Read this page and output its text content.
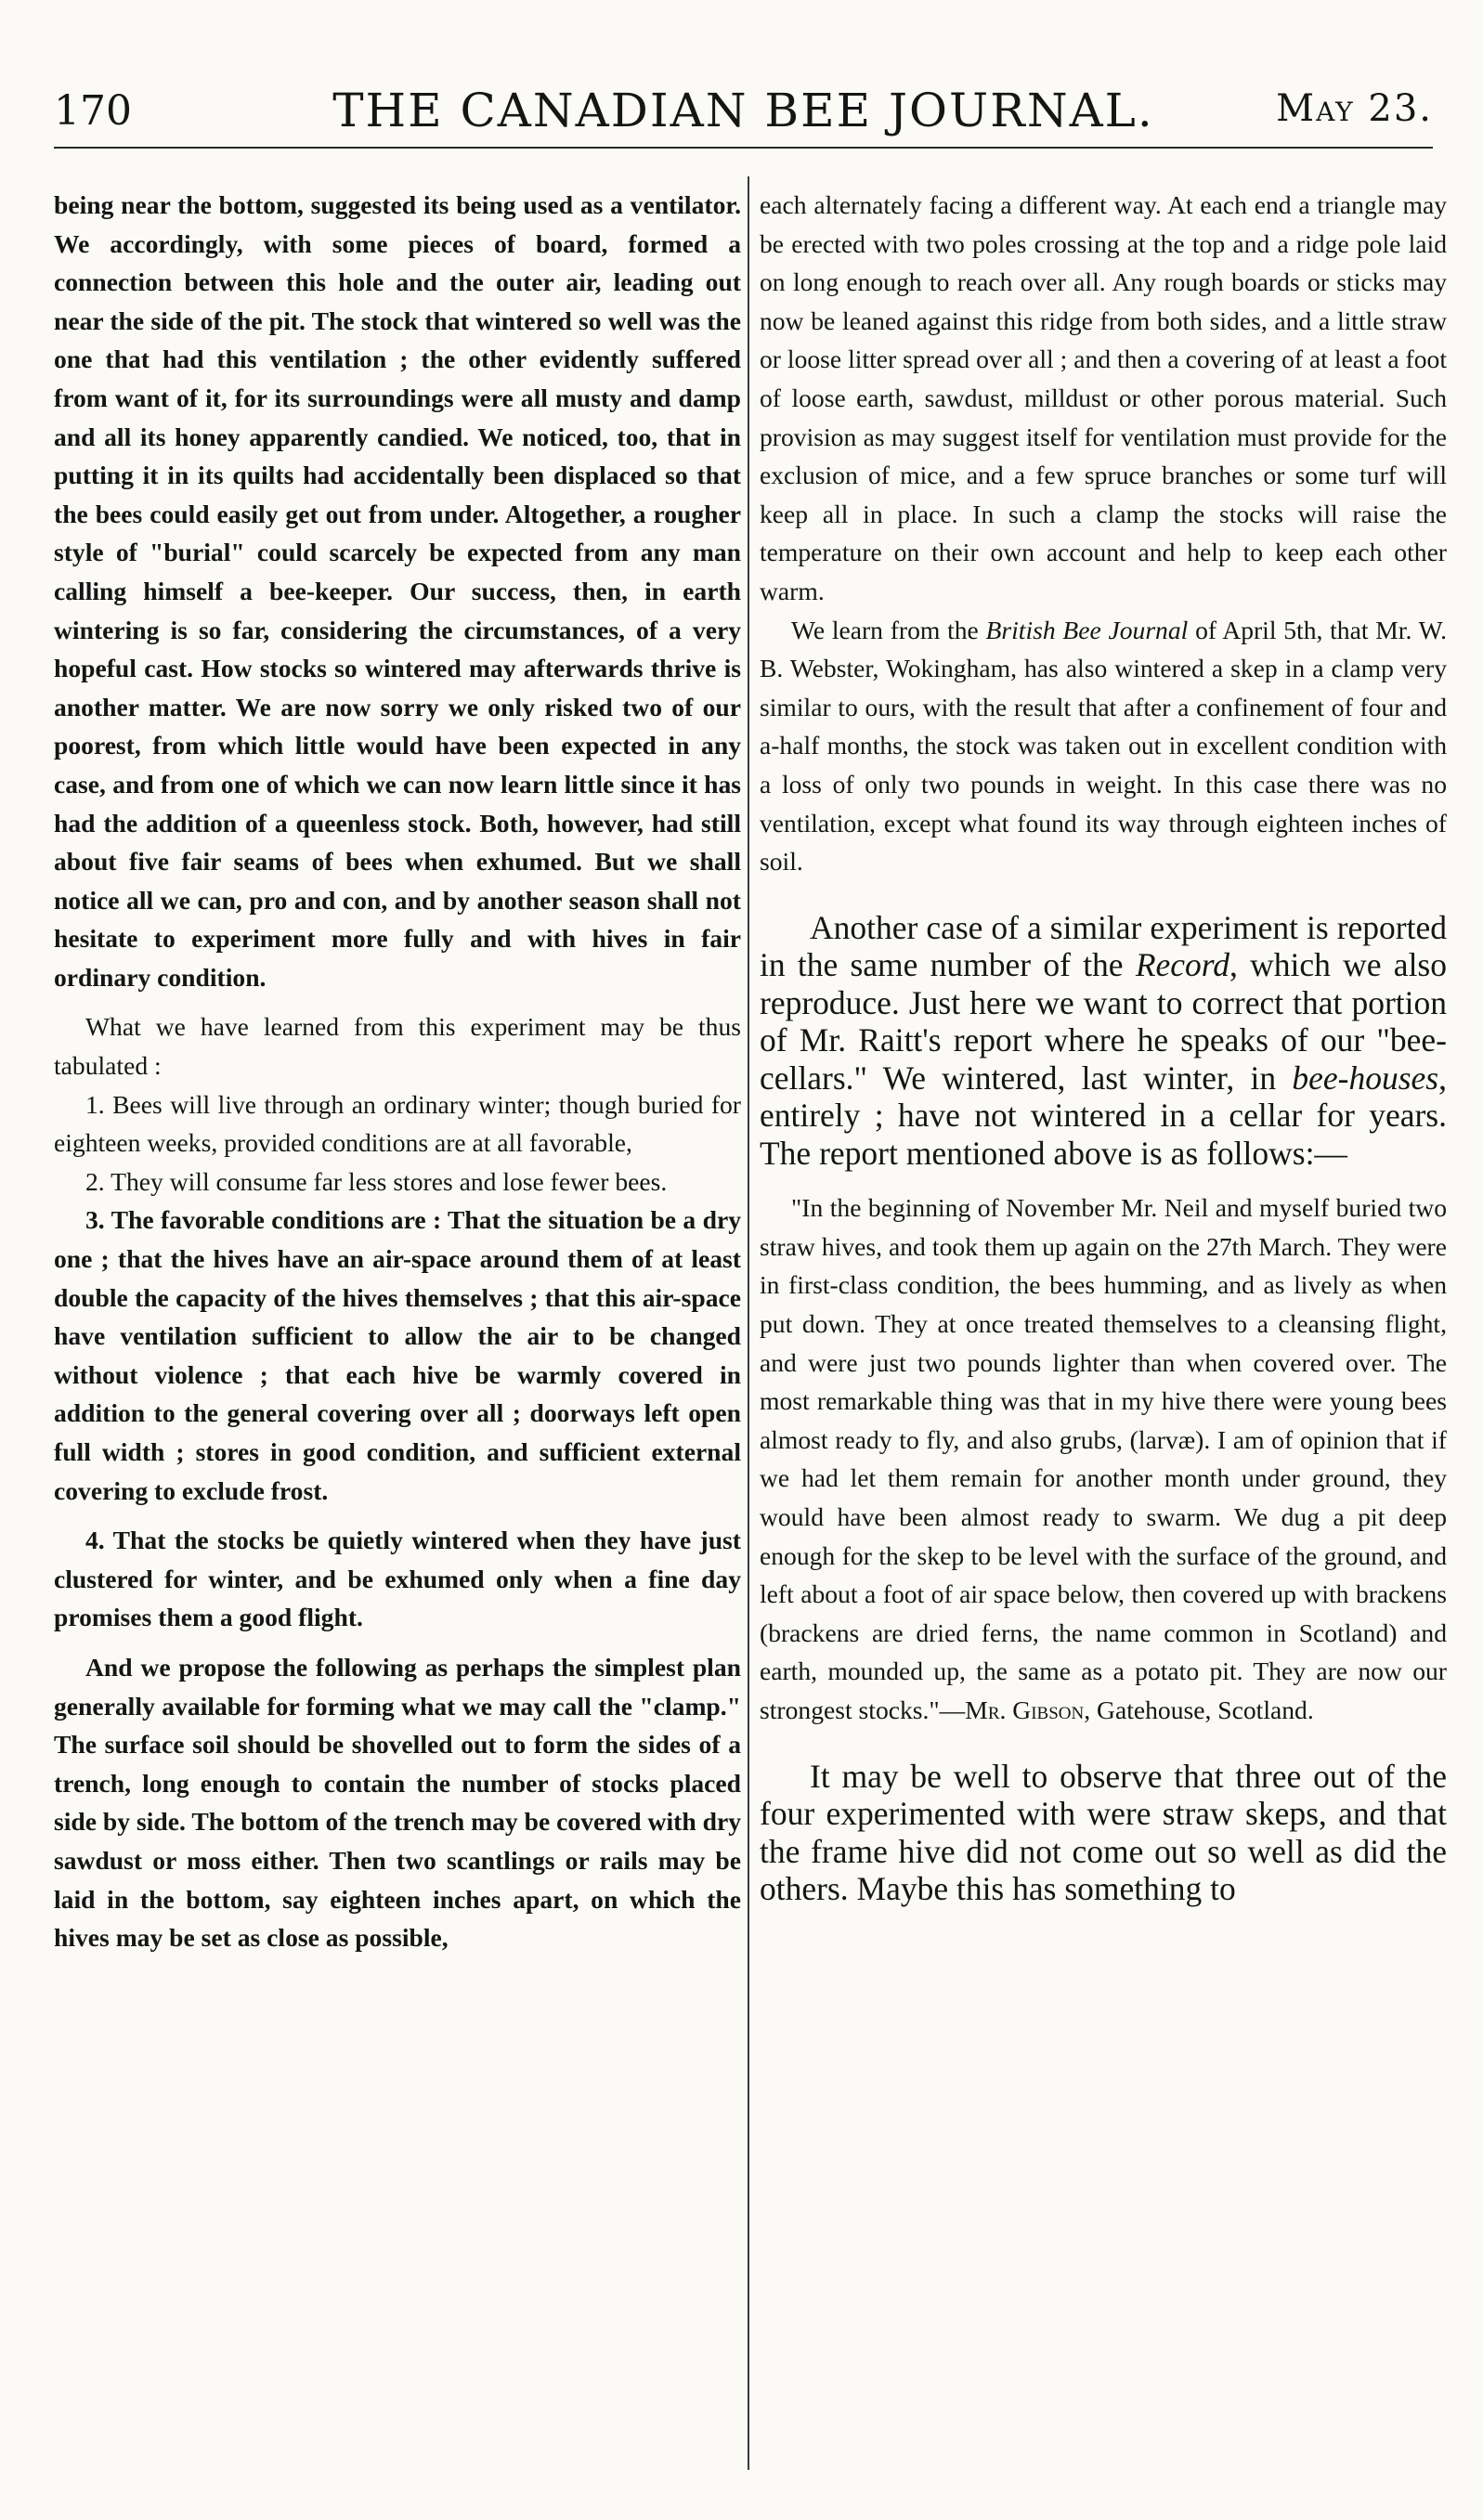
170	THE CANADIAN BEE JOURNAL.	May 23.

being near the bottom, suggested its being used as a ventilator. We accordingly, with some pieces of board, formed a connection between this hole and the outer air, leading out near the side of the pit. The stock that wintered so well was the one that had this ventilation ; the other evidently suffered from want of it, for its surroundings were all musty and damp and all its honey apparently candied. We noticed, too, that in putting it in its quilts had accidentally been displaced so that the bees could easily get out from under. Altogether, a rougher style of "burial" could scarcely be expected from any man calling himself a bee-keeper. Our success, then, in earth wintering is so far, considering the circumstances, of a very hopeful cast. How stocks so wintered may afterwards thrive is another matter. We are now sorry we only risked two of our poorest, from which little would have been expected in any case, and from one of which we can now learn little since it has had the addition of a queenless stock. Both, however, had still about five fair seams of bees when exhumed. But we shall notice all we can, pro and con, and by another season shall not hesitate to experiment more fully and with hives in fair ordinary condition.

What we have learned from this experiment may be thus tabulated :

1. Bees will live through an ordinary winter; though buried for eighteen weeks, provided conditions are at all favorable,

2. They will consume far less stores and lose fewer bees.

3. The favorable conditions are : That the situation be a dry one ; that the hives have an air-space around them of at least double the capacity of the hives themselves ; that this air-space have ventilation sufficient to allow the air to be changed without violence ; that each hive be warmly covered in addition to the general covering over all ; doorways left open full width ; stores in good condition, and sufficient external covering to exclude frost.

4. That the stocks be quietly wintered when they have just clustered for winter, and be exhumed only when a fine day promises them a good flight.

And we propose the following as perhaps the simplest plan generally available for forming what we may call the "clamp." The surface soil should be shovelled out to form the sides of a trench, long enough to contain the number of stocks placed side by side. The bottom of the trench may be covered with dry sawdust or moss either. Then two scantlings or rails may be laid in the bottom, say eighteen inches apart, on which the hives may be set as close as possible,

each alternately facing a different way. At each end a triangle may be erected with two poles crossing at the top and a ridge pole laid on long enough to reach over all. Any rough boards or sticks may now be leaned against this ridge from both sides, and a little straw or loose litter spread over all ; and then a covering of at least a foot of loose earth, sawdust, milldust or other porous material. Such provision as may suggest itself for ventilation must provide for the exclusion of mice, and a few spruce branches or some turf will keep all in place. In such a clamp the stocks will raise the temperature on their own account and help to keep each other warm.

We learn from the British Bee Journal of April 5th, that Mr. W. B. Webster, Wokingham, has also wintered a skep in a clamp very similar to ours, with the result that after a confinement of four and a-half months, the stock was taken out in excellent condition with a loss of only two pounds in weight. In this case there was no ventilation, except what found its way through eighteen inches of soil.

Another case of a similar experiment is reported in the same number of the Record, which we also reproduce. Just here we want to correct that portion of Mr. Raitt's report where he speaks of our "bee-cellars." We wintered, last winter, in bee-houses, entirely ; have not wintered in a cellar for years. The report mentioned above is as follows:—

"In the beginning of November Mr. Neil and myself buried two straw hives, and took them up again on the 27th March. They were in first-class condition, the bees humming, and as lively as when put down. They at once treated themselves to a cleansing flight, and were just two pounds lighter than when covered over. The most remarkable thing was that in my hive there were young bees almost ready to fly, and also grubs, (larvæ). I am of opinion that if we had let them remain for another month under ground, they would have been almost ready to swarm. We dug a pit deep enough for the skep to be level with the surface of the ground, and left about a foot of air space below, then covered up with brackens (brackens are dried ferns, the name common in Scotland) and earth, mounded up, the same as a potato pit. They are now our strongest stocks."—Mr. Gibson, Gatehouse, Scotland.

It may be well to observe that three out of the four experimented with were straw skeps, and that the frame hive did not come out so well as did the others. Maybe this has something to
